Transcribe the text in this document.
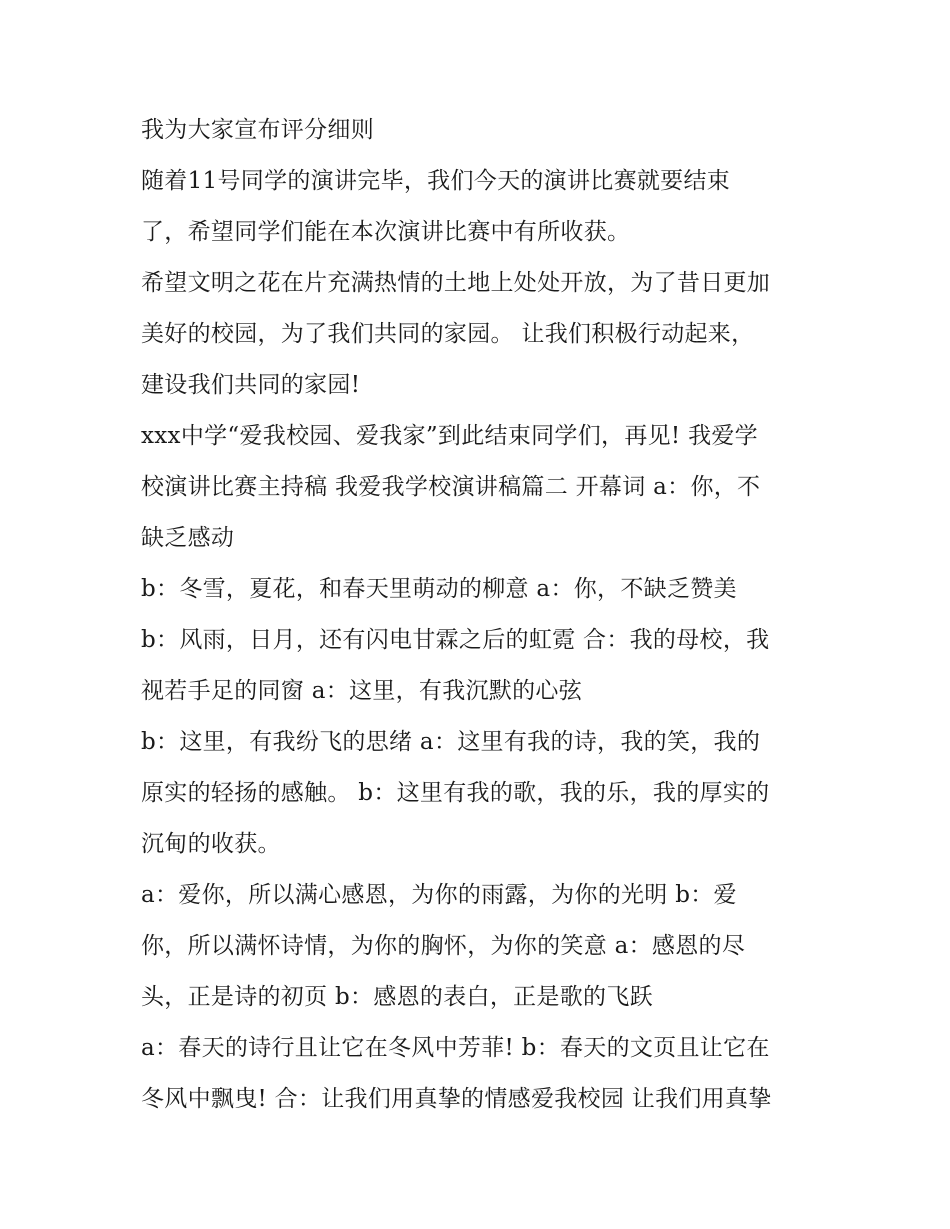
我为大家宣布评分细则
随着11号同学的演讲完毕，我们今天的演讲比赛就要结束
了，希望同学们能在本次演讲比赛中有所收获。
希望文明之花在片充满热情的土地上处处开放，为了昔日更加
美好的校园，为了我们共同的家园。 让我们积极行动起来，
建设我们共同的家园!
xxx中学“爱我校园、爱我家”到此结束同学们，再见! 我爱学
校演讲比赛主持稿 我爱我学校演讲稿篇二 开幕词 a：你，不
缺乏感动
b：冬雪，夏花，和春天里萌动的柳意 a：你，不缺乏赞美
b：风雨，日月，还有闪电甘霖之后的虹霓 合：我的母校，我
视若手足的同窗 a：这里，有我沉默的心弦
b：这里，有我纷飞的思绪 a：这里有我的诗，我的笑，我的
原实的轻扬的感触。 b：这里有我的歌，我的乐，我的厚实的
沉甸的收获。
a：爱你，所以满心感恩，为你的雨露，为你的光明 b：爱
你，所以满怀诗情，为你的胸怀，为你的笑意 a：感恩的尽
头，正是诗的初页 b：感恩的表白，正是歌的飞跃
a：春天的诗行且让它在冬风中芳菲! b：春天的文页且让它在
冬风中飘曳! 合：让我们用真挚的情感爱我校园 让我们用真挚
